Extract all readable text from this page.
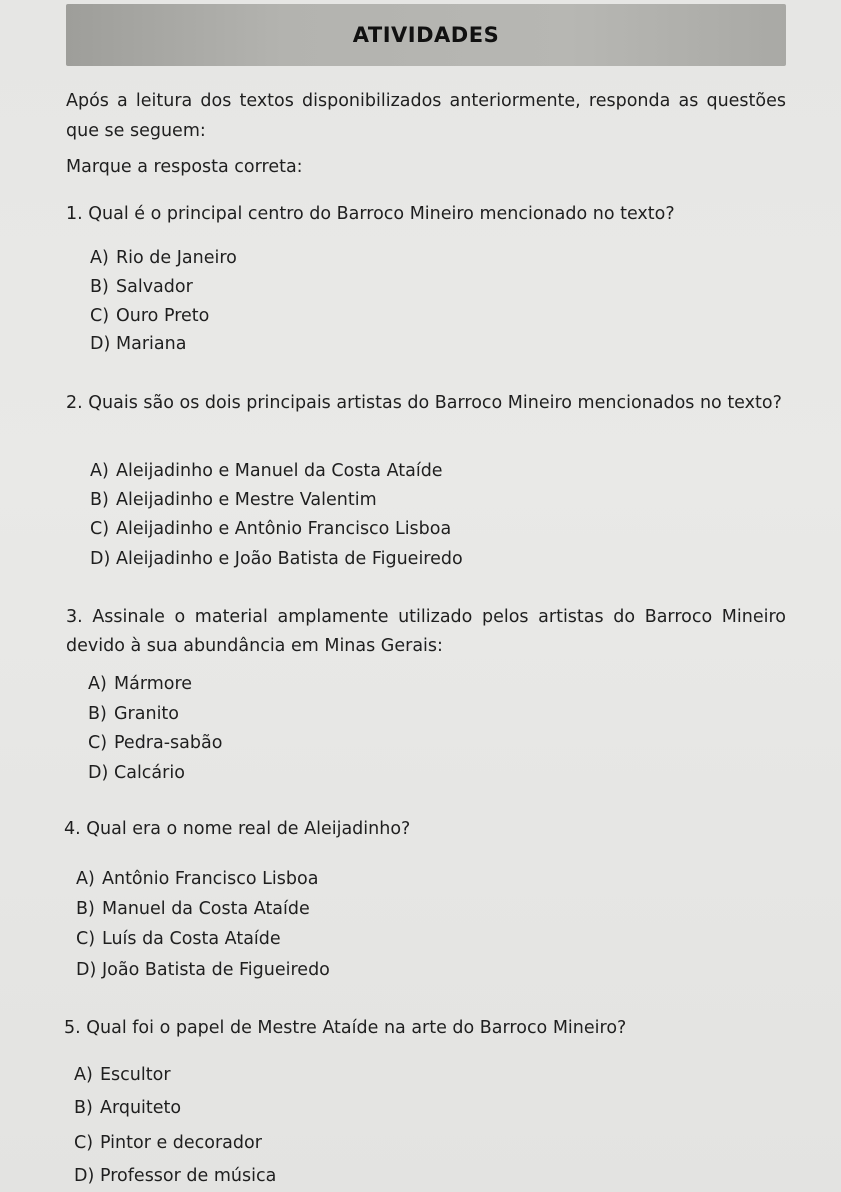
ATIVIDADES
Após a leitura dos textos disponibilizados anteriormente, responda as questões que se seguem:
Marque a resposta correta:
1. Qual é o principal centro do Barroco Mineiro mencionado no texto?
A) Rio de Janeiro
B) Salvador
C) Ouro Preto
D) Mariana
2. Quais são os dois principais artistas do Barroco Mineiro mencionados no texto?
A) Aleijadinho e Manuel da Costa Ataíde
B) Aleijadinho e Mestre Valentim
C) Aleijadinho e Antônio Francisco Lisboa
D) Aleijadinho e João Batista de Figueiredo
3. Assinale o material amplamente utilizado pelos artistas do Barroco Mineiro devido à sua abundância em Minas Gerais:
A) Mármore
B) Granito
C) Pedra-sabão
D) Calcário
4. Qual era o nome real de Aleijadinho?
A) Antônio Francisco Lisboa
B) Manuel da Costa Ataíde
C) Luís da Costa Ataíde
D) João Batista de Figueiredo
5. Qual foi o papel de Mestre Ataíde na arte do Barroco Mineiro?
A) Escultor
B) Arquiteto
C) Pintor e decorador
D) Professor de música
